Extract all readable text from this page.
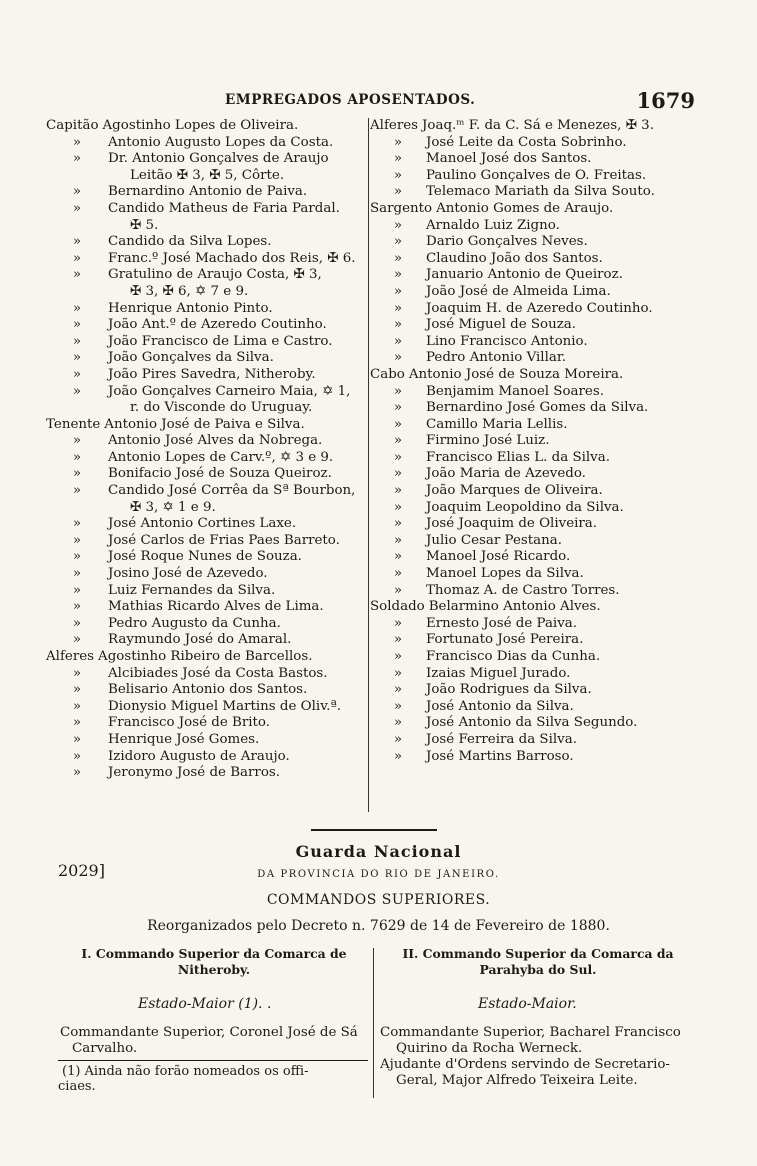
EMPREGADOS APOSENTADOS.	1679
Capitão Agostinho Lopes de Oliveira.
» Antonio Augusto Lopes da Costa.
» Dr. Antonio Gonçalves de Araujo
Leitão ✠ 3, ✠ 5, Côrte.
» Bernardino Antonio de Paiva.
» Candido Matheus de Faria Pardal.
✠ 5.
» Candido da Silva Lopes.
» Franc.º José Machado dos Reis, ✠ 6.
» Gratulino de Araujo Costa, ✠ 3,
✠ 3, ✠ 6, ✡ 7 e 9.
» Henrique Antonio Pinto.
» João Ant.º de Azeredo Coutinho.
» João Francisco de Lima e Castro.
» João Gonçalves da Silva.
» João Pires Savedra, Nitheroby.
» João Gonçalves Carneiro Maia, ✡ 1,
r. do Visconde do Uruguay.
Tenente Antonio José de Paiva e Silva.
» Antonio José Alves da Nobrega.
» Antonio Lopes de Carv.º, ✡ 3 e 9.
» Bonifacio José de Souza Queiroz.
» Candido José Corrêa da Sª Bourbon,
✠ 3, ✡ 1 e 9.
» José Antonio Cortines Laxe.
» José Carlos de Frias Paes Barreto.
» José Roque Nunes de Souza.
» Josino José de Azevedo.
» Luiz Fernandes da Silva.
» Mathias Ricardo Alves de Lima.
» Pedro Augusto da Cunha.
» Raymundo José do Amaral.
Alferes Agostinho Ribeiro de Barcellos.
» Alcibiades José da Costa Bastos.
» Belisario Antonio dos Santos.
» Dionysio Miguel Martins de Oliv.ª.
» Francisco José de Brito.
» Henrique José Gomes.
» Izidoro Augusto de Araujo.
» Jeronymo José de Barros.
Alferes Joaq.ᵐ F. da C. Sá e Menezes, ✠ 3.
» José Leite da Costa Sobrinho.
» Manoel José dos Santos.
» Paulino Gonçalves de O. Freitas.
» Telemaco Mariath da Silva Souto.
Sargento Antonio Gomes de Araujo.
» Arnaldo Luiz Zigno.
» Dario Gonçalves Neves.
» Claudino João dos Santos.
» Januario Antonio de Queiroz.
» João José de Almeida Lima.
» Joaquim H. de Azeredo Coutinho.
» José Miguel de Souza.
» Lino Francisco Antonio.
» Pedro Antonio Villar.
Cabo Antonio José de Souza Moreira.
» Benjamim Manoel Soares.
» Bernardino José Gomes da Silva.
» Camillo Maria Lellis.
» Firmino José Luiz.
» Francisco Elias L. da Silva.
» João Maria de Azevedo.
» João Marques de Oliveira.
» Joaquim Leopoldino da Silva.
» José Joaquim de Oliveira.
» Julio Cesar Pestana.
» Manoel José Ricardo.
» Manoel Lopes da Silva.
» Thomaz A. de Castro Torres.
Soldado Belarmino Antonio Alves.
» Ernesto José de Paiva.
» Fortunato José Pereira.
» Francisco Dias da Cunha.
» Izaias Miguel Jurado.
» João Rodrigues da Silva.
» José Antonio da Silva.
» José Antonio da Silva Segundo.
» José Ferreira da Silva.
» José Martins Barroso.
Guarda Nacional
2029]	DA PROVINCIA DO RIO DE JANEIRO.
COMMANDOS SUPERIORES.
Reorganizados pelo Decreto n. 7629 de 14 de Fevereiro de 1880.
I. Commando Superior da Comarca de
Nitheroby.
II. Commando Superior da Comarca da
Parahyba do Sul.
Estado-Maior (1). .	Estado-Maior.
Commandante Superior, Coronel José de Sá
Carvalho.
Commandante Superior, Bacharel Francisco
Quirino da Rocha Werneck.
Ajudante d'Ordens servindo de Secretario-
Geral, Major Alfredo Teixeira Leite.
(1) Ainda não forão nomeados os offi-
ciaes.
